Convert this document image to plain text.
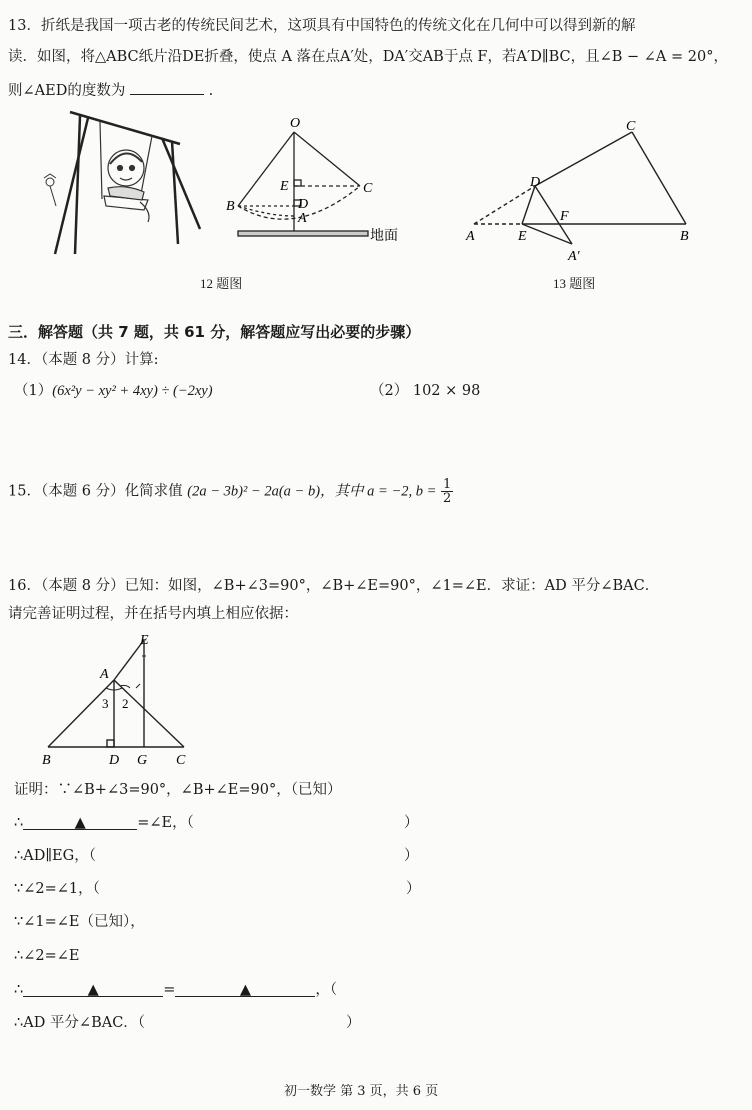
13．折纸是我国一项古老的传统民间艺术，这项具有中国特色的传统文化在几何中可以得到新的解
读．如图，将△ABC纸片沿DE折叠，使点 A 落在点A′处，DA′交AB于点 F，若A′D∥BC，且∠B − ∠A = 20°，
则∠AED的度数为	.
O
E
D
A
B
C
地面
12 题图
C
D
F
A	E	B
A′
13 题图
三．解答题（共 7 题，共 61 分，解答题应写出必要的步骤）
14．（本题 8 分）计算:
（1）(6x²y − xy² + 4xy) ÷ (−2xy)	（2） 102 × 98
15．（本题 6 分）化简求值 (2a − 3b)² − 2a(a − b)，其中 a = −2, $b = \frac{1}{2}$
16．（本题 8 分）已知：如图，∠B+∠3=90°，∠B+∠E=90°，∠1=∠E．求证：AD 平分∠BAC．
请完善证明过程，并在括号内填上相应依据：
E
A
3 2
B	D G C
证明：∵∠B+∠3=90°，∠B+∠E=90°，（已知）
∴	▲	=∠E，（	）
∴AD∥EG，（	）
∵∠2=∠1，（	）
∵∠1=∠E（已知），
∴∠2=∠E
∴	▲	=	▲	，（
∴AD 平分∠BAC．（	）
初一数学 第 3 页，共 6 页
